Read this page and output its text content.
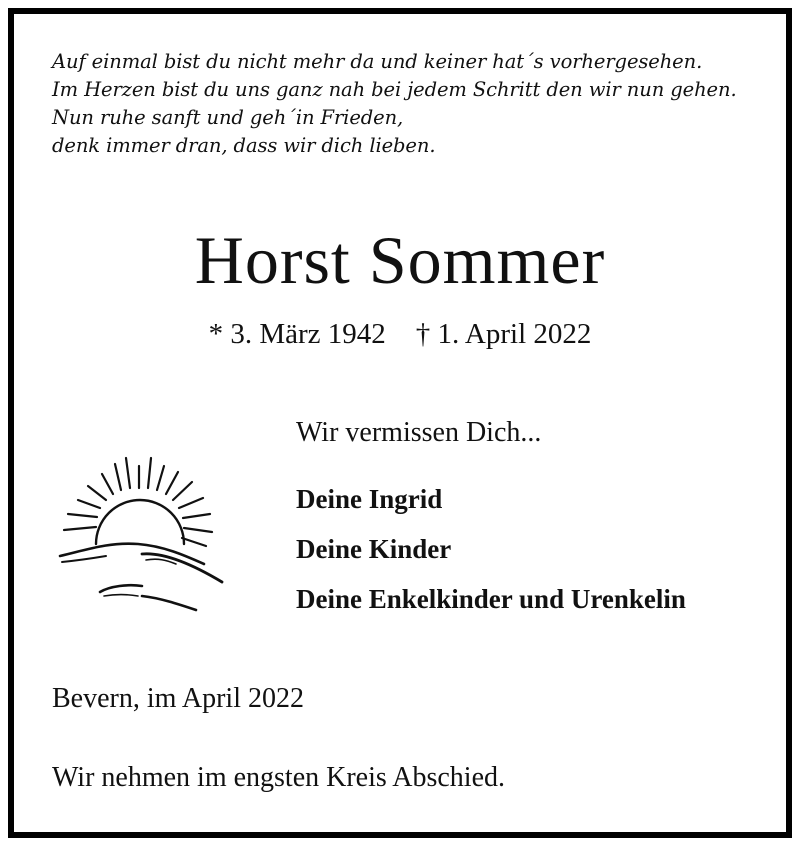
Auf einmal bist du nicht mehr da und keiner hat´s vorhergesehen.
Im Herzen bist du uns ganz nah bei jedem Schritt den wir nun gehen.
Nun ruhe sanft und geh´in Frieden,
denk immer dran, dass wir dich lieben.
Horst Sommer
* 3. März 1942 † 1. April 2022
Wir vermissen Dich...
Deine Ingrid
Deine Kinder
Deine Enkelkinder und Urenkelin
Bevern, im April 2022
Wir nehmen im engsten Kreis Abschied.
